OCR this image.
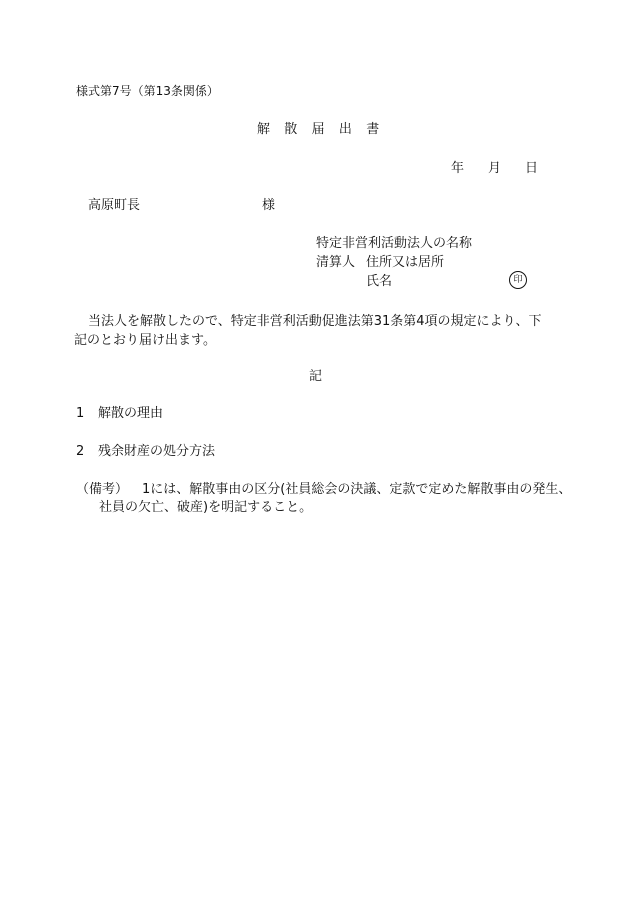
様式第7号（第13条関係）
解　散　届　出　書
年 月 日
高原町長	様
特定非営利活動法人の名称
清算人 住所又は居所
氏名	印
当法人を解散したので、特定非営利活動促進法第31条第4項の規定により、下記のとおり届け出ます。
記
1 解散の理由
2 残余財産の処分方法
（備考） 1には、解散事由の区分(社員総会の決議、定款で定めた解散事由の発生、
社員の欠亡、破産)を明記すること。
